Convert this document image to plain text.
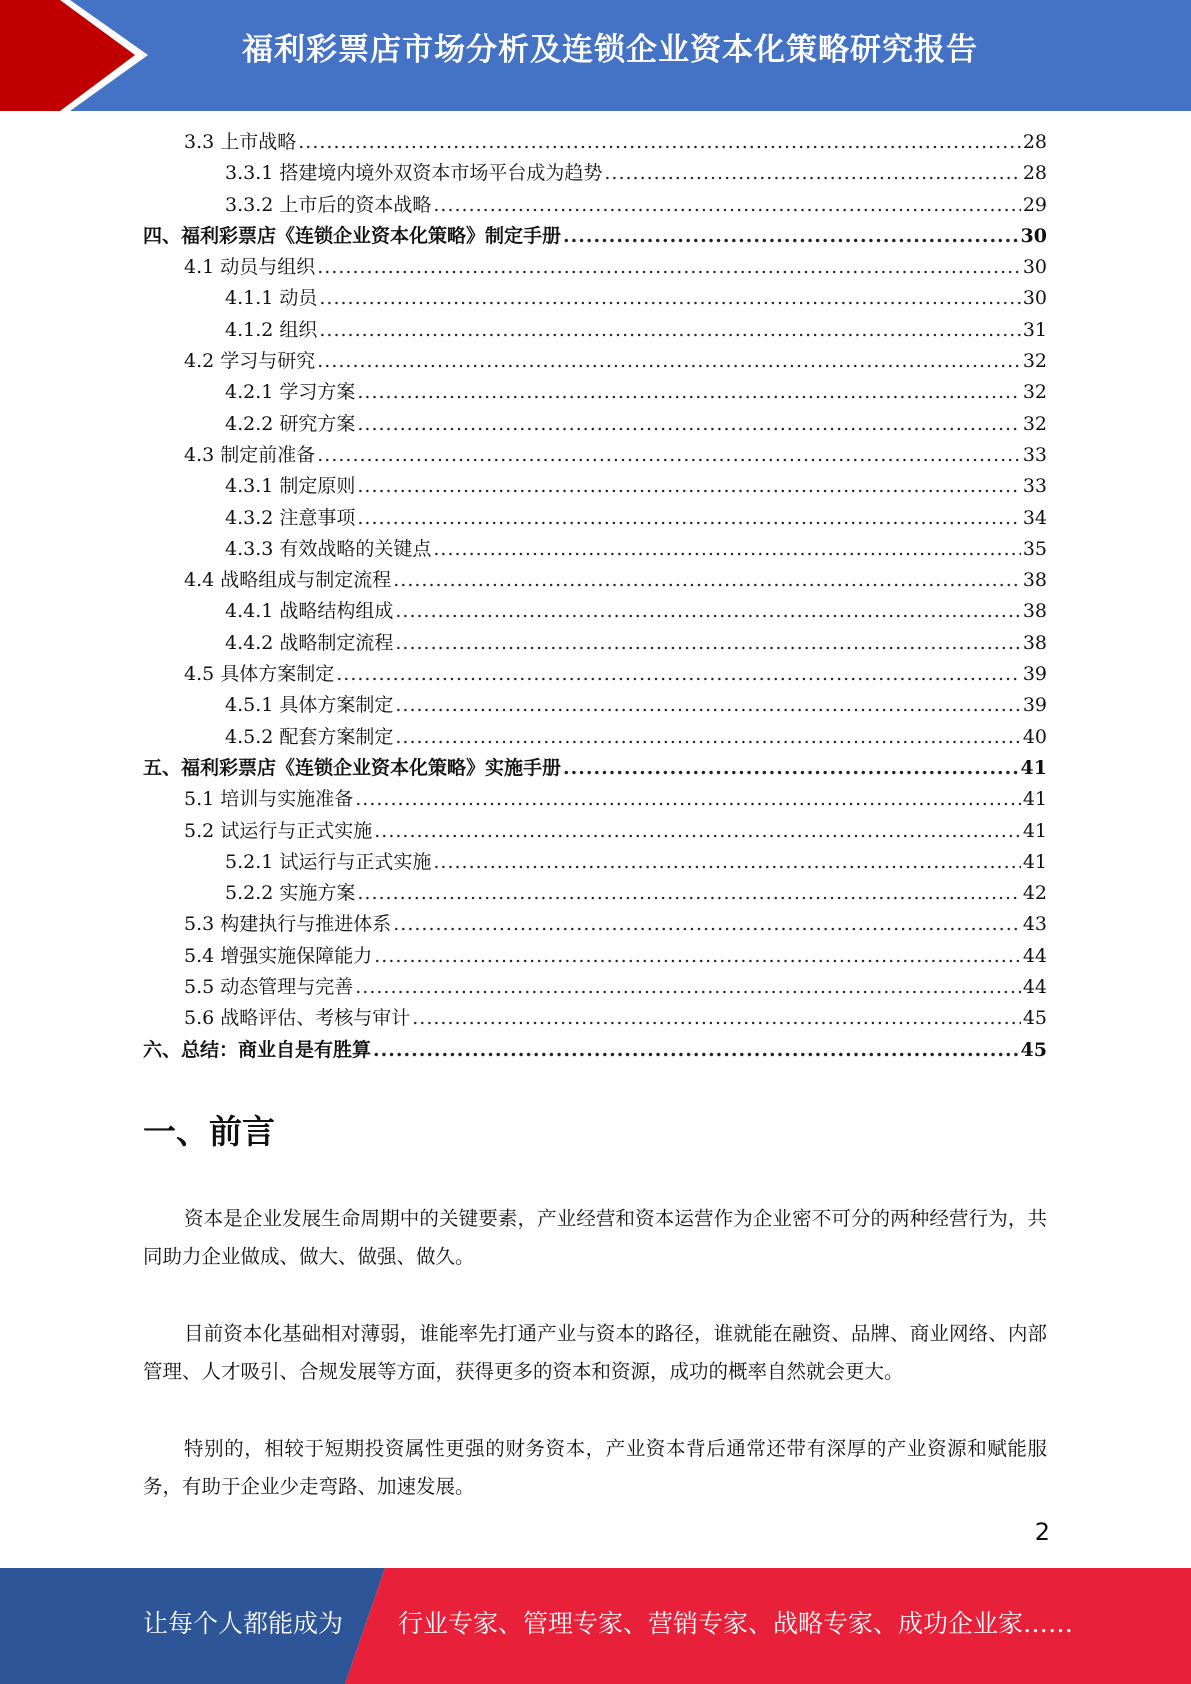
福利彩票店市场分析及连锁企业资本化策略研究报告
3.3 上市战略 .....	28
3.3.1 搭建境内境外双资本市场平台成为趋势 .....	28
3.3.2 上市后的资本战略 .....	29
四、福利彩票店《连锁企业资本化策略》制定手册 .....	30
4.1 动员与组织 .....	30
4.1.1 动员 .....	30
4.1.2 组织 .....	31
4.2 学习与研究 .....	32
4.2.1 学习方案 .....	32
4.2.2 研究方案 .....	32
4.3 制定前准备 .....	33
4.3.1 制定原则 .....	33
4.3.2 注意事项 .....	34
4.3.3 有效战略的关键点 .....	35
4.4 战略组成与制定流程 .....	38
4.4.1 战略结构组成 .....	38
4.4.2 战略制定流程 .....	38
4.5 具体方案制定 .....	39
4.5.1 具体方案制定 .....	39
4.5.2 配套方案制定 .....	40
五、福利彩票店《连锁企业资本化策略》实施手册 .....	41
5.1 培训与实施准备 .....	41
5.2 试运行与正式实施 .....	41
5.2.1 试运行与正式实施 .....	41
5.2.2 实施方案 .....	42
5.3 构建执行与推进体系 .....	43
5.4 增强实施保障能力 .....	44
5.5 动态管理与完善 .....	44
5.6 战略评估、考核与审计 .....	45
六、总结：商业自是有胜算 .....	45
一、前言

资本是企业发展生命周期中的关键要素，产业经营和资本运营作为企业密不可分的两种经营行为，共同助力企业做成、做大、做强、做久。

目前资本化基础相对薄弱，谁能率先打通产业与资本的路径，谁就能在融资、品牌、商业网络、内部管理、人才吸引、合规发展等方面，获得更多的资本和资源，成功的概率自然就会更大。

特别的，相较于短期投资属性更强的财务资本，产业资本背后通常还带有深厚的产业资源和赋能服务，有助于企业少走弯路、加速发展。

2
让每个人都能成为 行业专家、管理专家、营销专家、战略专家、成功企业家……
